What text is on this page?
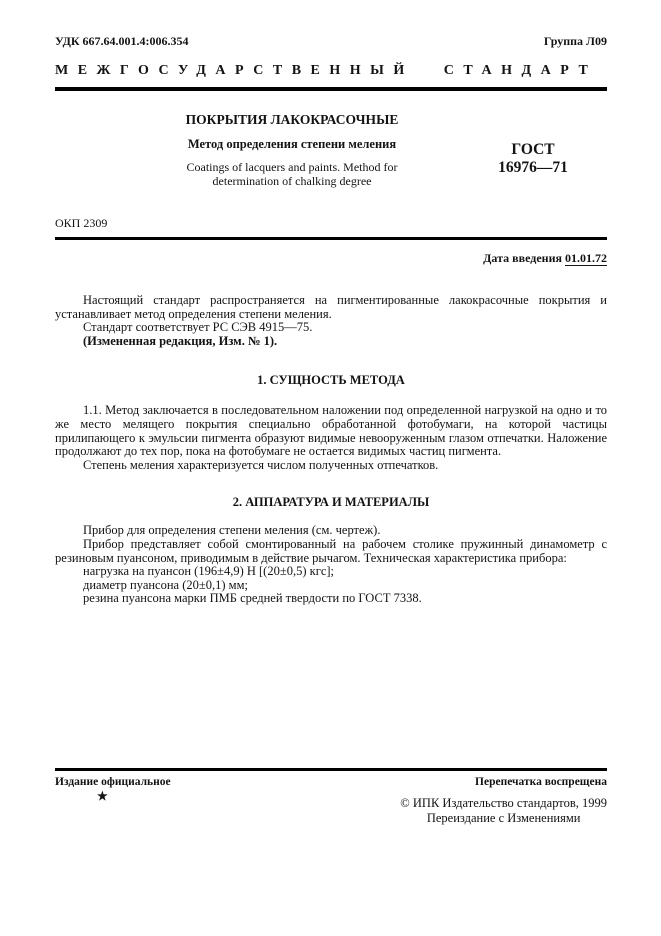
УДК 667.64.001.4:006.354	Группа Л09
МЕЖГОСУДАРСТВЕННЫЙ СТАНДАРТ
ПОКРЫТИЯ ЛАКОКРАСОЧНЫЕ
Метод определения степени меления
Coatings of lacquers and paints. Method for
determination of chalking degree
ГОСТ
16976—71
ОКП 2309
Дата введения 01.01.72

Настоящий стандарт распространяется на пигментированные лакокрасочные покрытия и устанавливает метод определения степени меления.

Стандарт соответствует РС СЭВ 4915—75.

(Измененная редакция, Изм. № 1).

1. СУЩНОСТЬ МЕТОДА

1.1. Метод заключается в последовательном наложении под определенной нагрузкой на одно и то же место мелящего покрытия специально обработанной фотобумаги, на которой частицы прилипающего к эмульсии пигмента образуют видимые невооруженным глазом отпечатки. Наложение продолжают до тех пор, пока на фотобумаге не остается видимых частиц пигмента.

Степень меления характеризуется числом полученных отпечатков.

2. АППАРАТУРА И МАТЕРИАЛЫ

Прибор для определения степени меления (см. чертеж).

Прибор представляет собой смонтированный на рабочем столике пружинный динамометр с резиновым пуансоном, приводимым в действие рычагом. Техническая характеристика прибора:

нагрузка на пуансон (196±4,9) Н [(20±0,5) кгс];

диаметр пуансона (20±0,1) мм;

резина пуансона марки ПМБ средней твердости по ГОСТ 7338.

Издание официальное
★
Перепечатка воспрещена
© ИПК Издательство стандартов, 1999
Переиздание с Изменениями
